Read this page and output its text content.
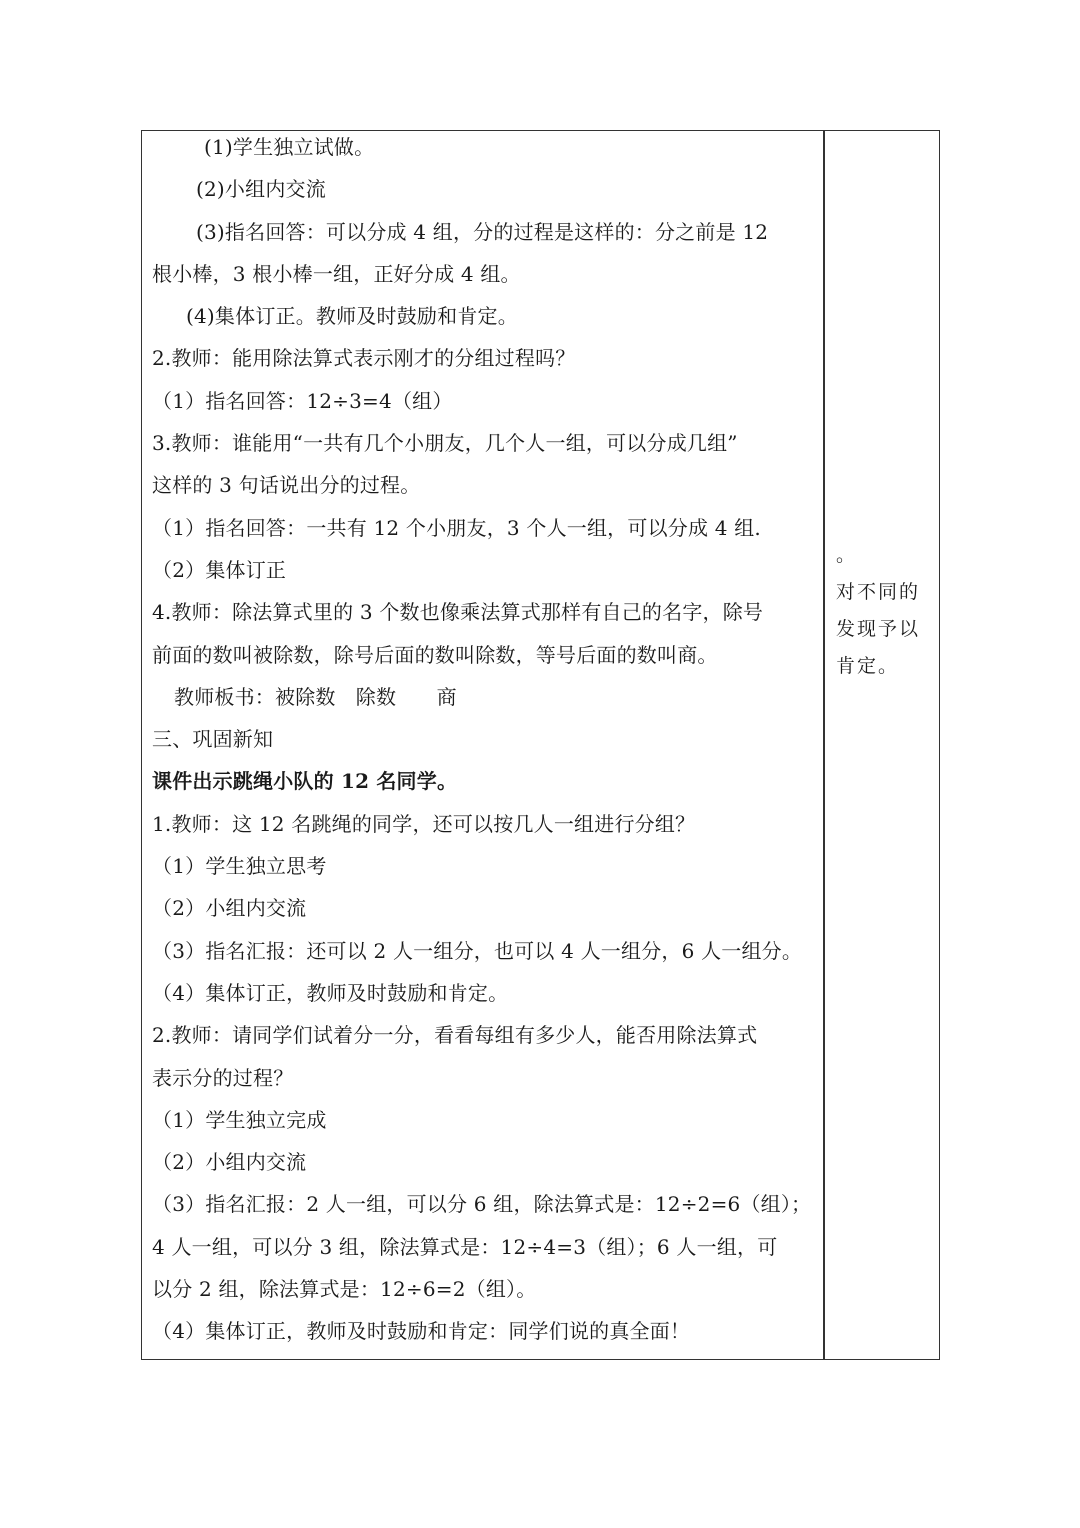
(1)学生独立试做。
(2)小组内交流
(3)指名回答：可以分成 4 组，分的过程是这样的：分之前是 12
根小棒，3 根小棒一组，正好分成 4 组。
(4)集体订正。教师及时鼓励和肯定。
2.教师：能用除法算式表示刚才的分组过程吗？
（1）指名回答：12÷3=4（组）
3.教师：谁能用“一共有几个小朋友，几个人一组，可以分成几组”
这样的 3 句话说出分的过程。
（1）指名回答：一共有 12 个小朋友，3 个人一组，可以分成 4 组.
（2）集体订正
4.教师：除法算式里的 3 个数也像乘法算式那样有自己的名字，除号
前面的数叫被除数，除号后面的数叫除数，等号后面的数叫商。
教师板书：被除数　除数　　商
三、巩固新知
课件出示跳绳小队的 12 名同学。
1.教师：这 12 名跳绳的同学，还可以按几人一组进行分组？
（1）学生独立思考
（2）小组内交流
（3）指名汇报：还可以 2 人一组分，也可以 4 人一组分，6 人一组分。
（4）集体订正，教师及时鼓励和肯定。
2.教师：请同学们试着分一分，看看每组有多少人，能否用除法算式
表示分的过程？
（1）学生独立完成
（2）小组内交流
（3）指名汇报：2 人一组，可以分 6 组，除法算式是：12÷2=6（组）；
4 人一组，可以分 3 组，除法算式是：12÷4=3（组）；6 人一组，可
以分 2 组，除法算式是：12÷6=2（组）。
（4）集体订正，教师及时鼓励和肯定：同学们说的真全面！
。
对不同的
发现予以
肯定。
